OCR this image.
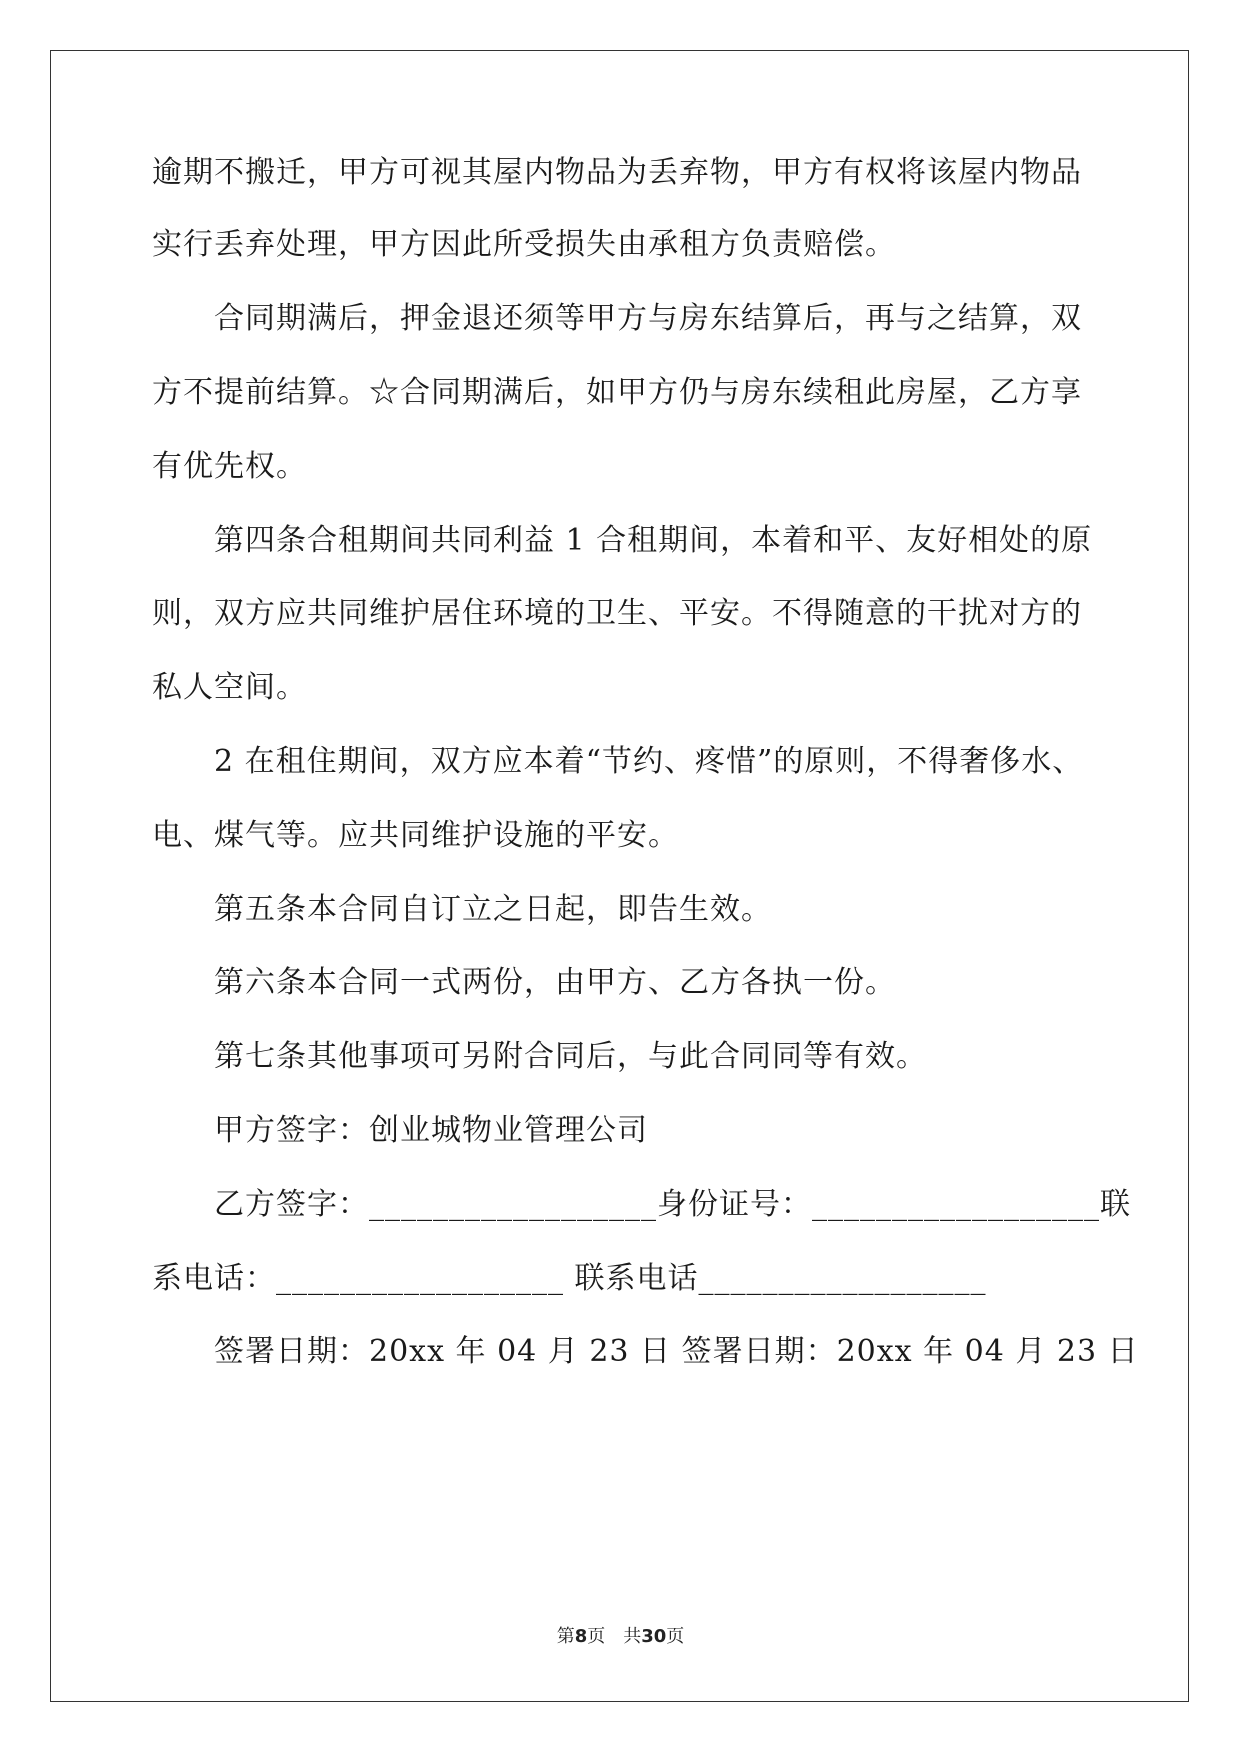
逾期不搬迁，甲方可视其屋内物品为丢弃物，甲方有权将该屋内物品
实行丢弃处理，甲方因此所受损失由承租方负责赔偿。
合同期满后，押金退还须等甲方与房东结算后，再与之结算，双
方不提前结算。☆合同期满后，如甲方仍与房东续租此房屋，乙方享
有优先权。
第四条合租期间共同利益 1 合租期间，本着和平、友好相处的原
则，双方应共同维护居住环境的卫生、平安。不得随意的干扰对方的
私人空间。
2 在租住期间，双方应本着“节约、疼惜”的原则，不得奢侈水、
电、煤气等。应共同维护设施的平安。
第五条本合同自订立之日起，即告生效。
第六条本合同一式两份，由甲方、乙方各执一份。
第七条其他事项可另附合同后，与此合同同等有效。
甲方签字：创业城物业管理公司
乙方签字：__________________身份证号：__________________联
系电话：__________________ 联系电话__________________
签署日期：20xx 年 04 月 23 日 签署日期：20xx 年 04 月 23 日
第8页　共30页
